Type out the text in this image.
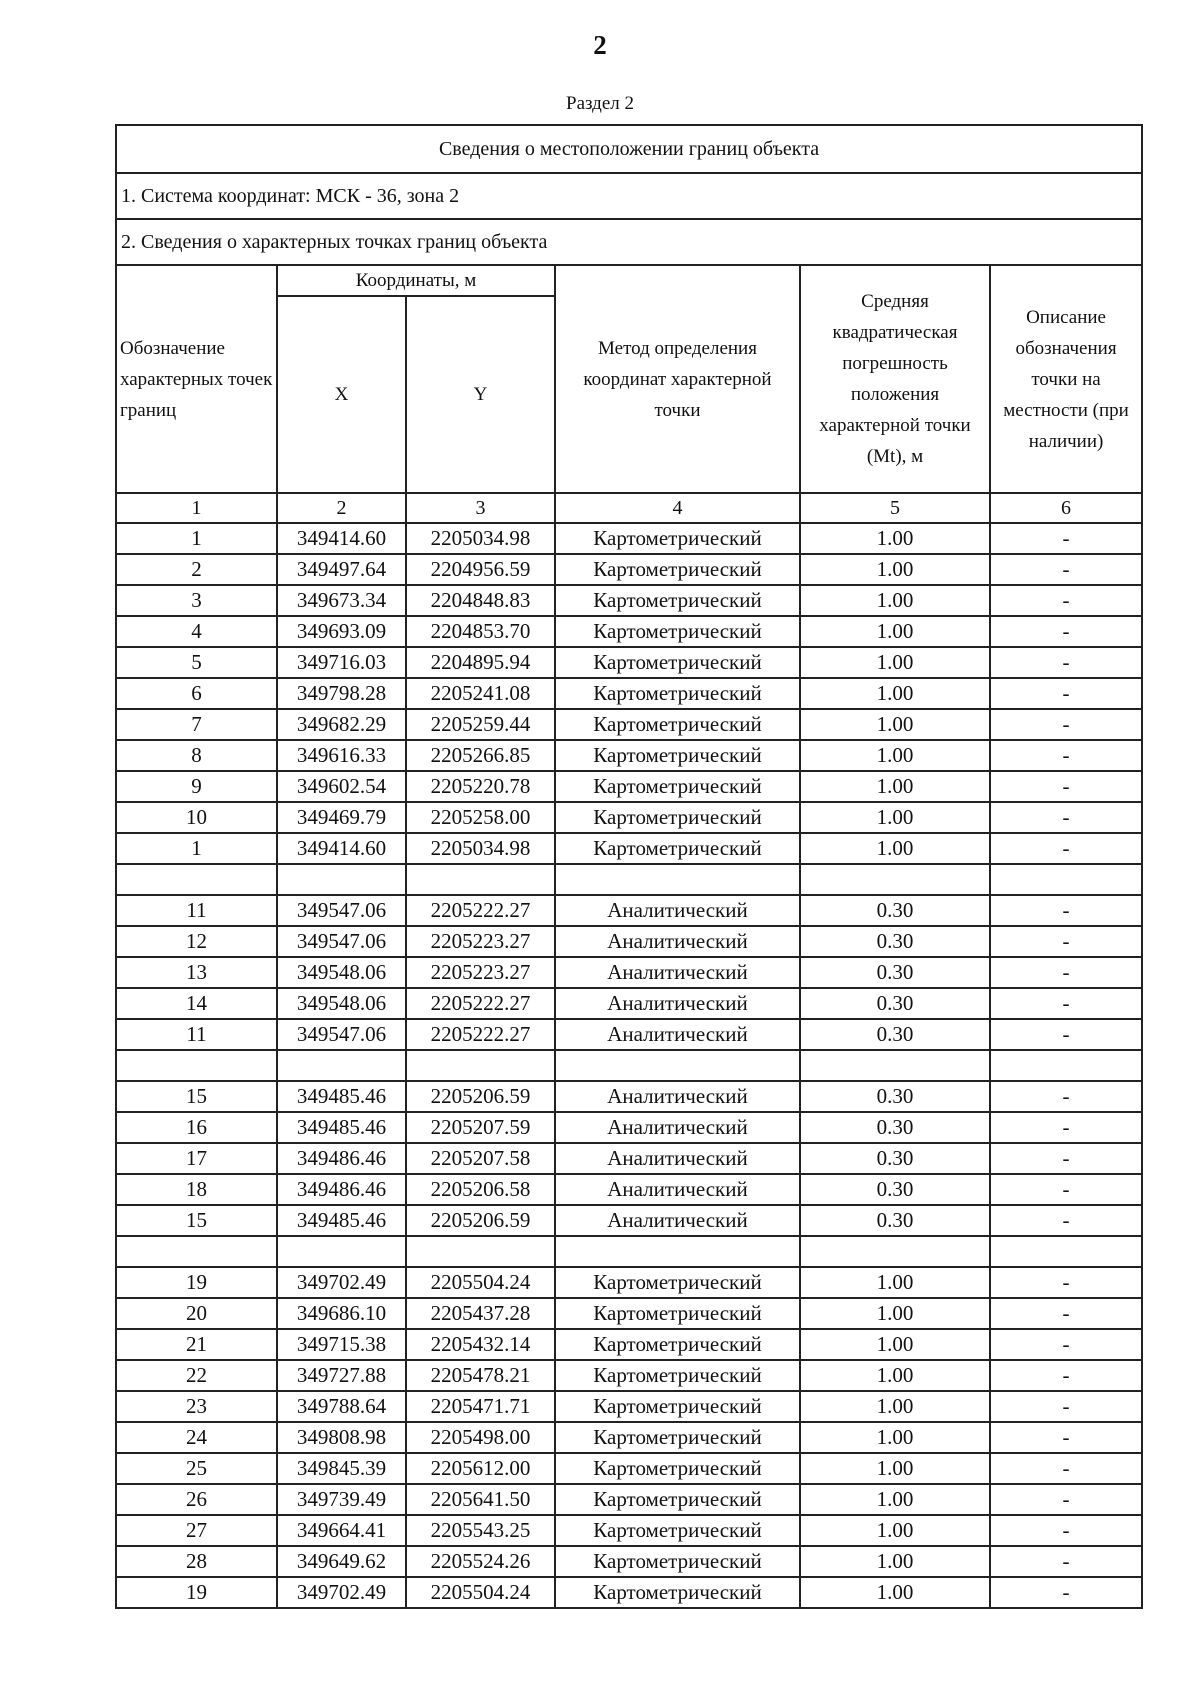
2
Раздел 2
Сведения о местоположении границ объекта					
1. Система координат: МСК - 36, зона 2					
2. Сведения о характерных точках границ объекта					
Обозначение характерных точек границ	Координаты, м		Метод определения координат характерной точки	Средняя квадратическая погрешность положения характерной точки (Mt), м	Описание обозначения точки на местности (при наличии)
	X	Y			
1	2	3	4	5	6
1	349414.60	2205034.98	Картометрический	1.00	-
2	349497.64	2204956.59	Картометрический	1.00	-
3	349673.34	2204848.83	Картометрический	1.00	-
4	349693.09	2204853.70	Картометрический	1.00	-
5	349716.03	2204895.94	Картометрический	1.00	-
6	349798.28	2205241.08	Картометрический	1.00	-
7	349682.29	2205259.44	Картометрический	1.00	-
8	349616.33	2205266.85	Картометрический	1.00	-
9	349602.54	2205220.78	Картометрический	1.00	-
10	349469.79	2205258.00	Картометрический	1.00	-
1	349414.60	2205034.98	Картометрический	1.00	-

11	349547.06	2205222.27	Аналитический	0.30	-
12	349547.06	2205223.27	Аналитический	0.30	-
13	349548.06	2205223.27	Аналитический	0.30	-
14	349548.06	2205222.27	Аналитический	0.30	-
11	349547.06	2205222.27	Аналитический	0.30	-

15	349485.46	2205206.59	Аналитический	0.30	-
16	349485.46	2205207.59	Аналитический	0.30	-
17	349486.46	2205207.58	Аналитический	0.30	-
18	349486.46	2205206.58	Аналитический	0.30	-
15	349485.46	2205206.59	Аналитический	0.30	-

19	349702.49	2205504.24	Картометрический	1.00	-
20	349686.10	2205437.28	Картометрический	1.00	-
21	349715.38	2205432.14	Картометрический	1.00	-
22	349727.88	2205478.21	Картометрический	1.00	-
23	349788.64	2205471.71	Картометрический	1.00	-
24	349808.98	2205498.00	Картометрический	1.00	-
25	349845.39	2205612.00	Картометрический	1.00	-
26	349739.49	2205641.50	Картометрический	1.00	-
27	349664.41	2205543.25	Картометрический	1.00	-
28	349649.62	2205524.26	Картометрический	1.00	-
19	349702.49	2205504.24	Картометрический	1.00	-
